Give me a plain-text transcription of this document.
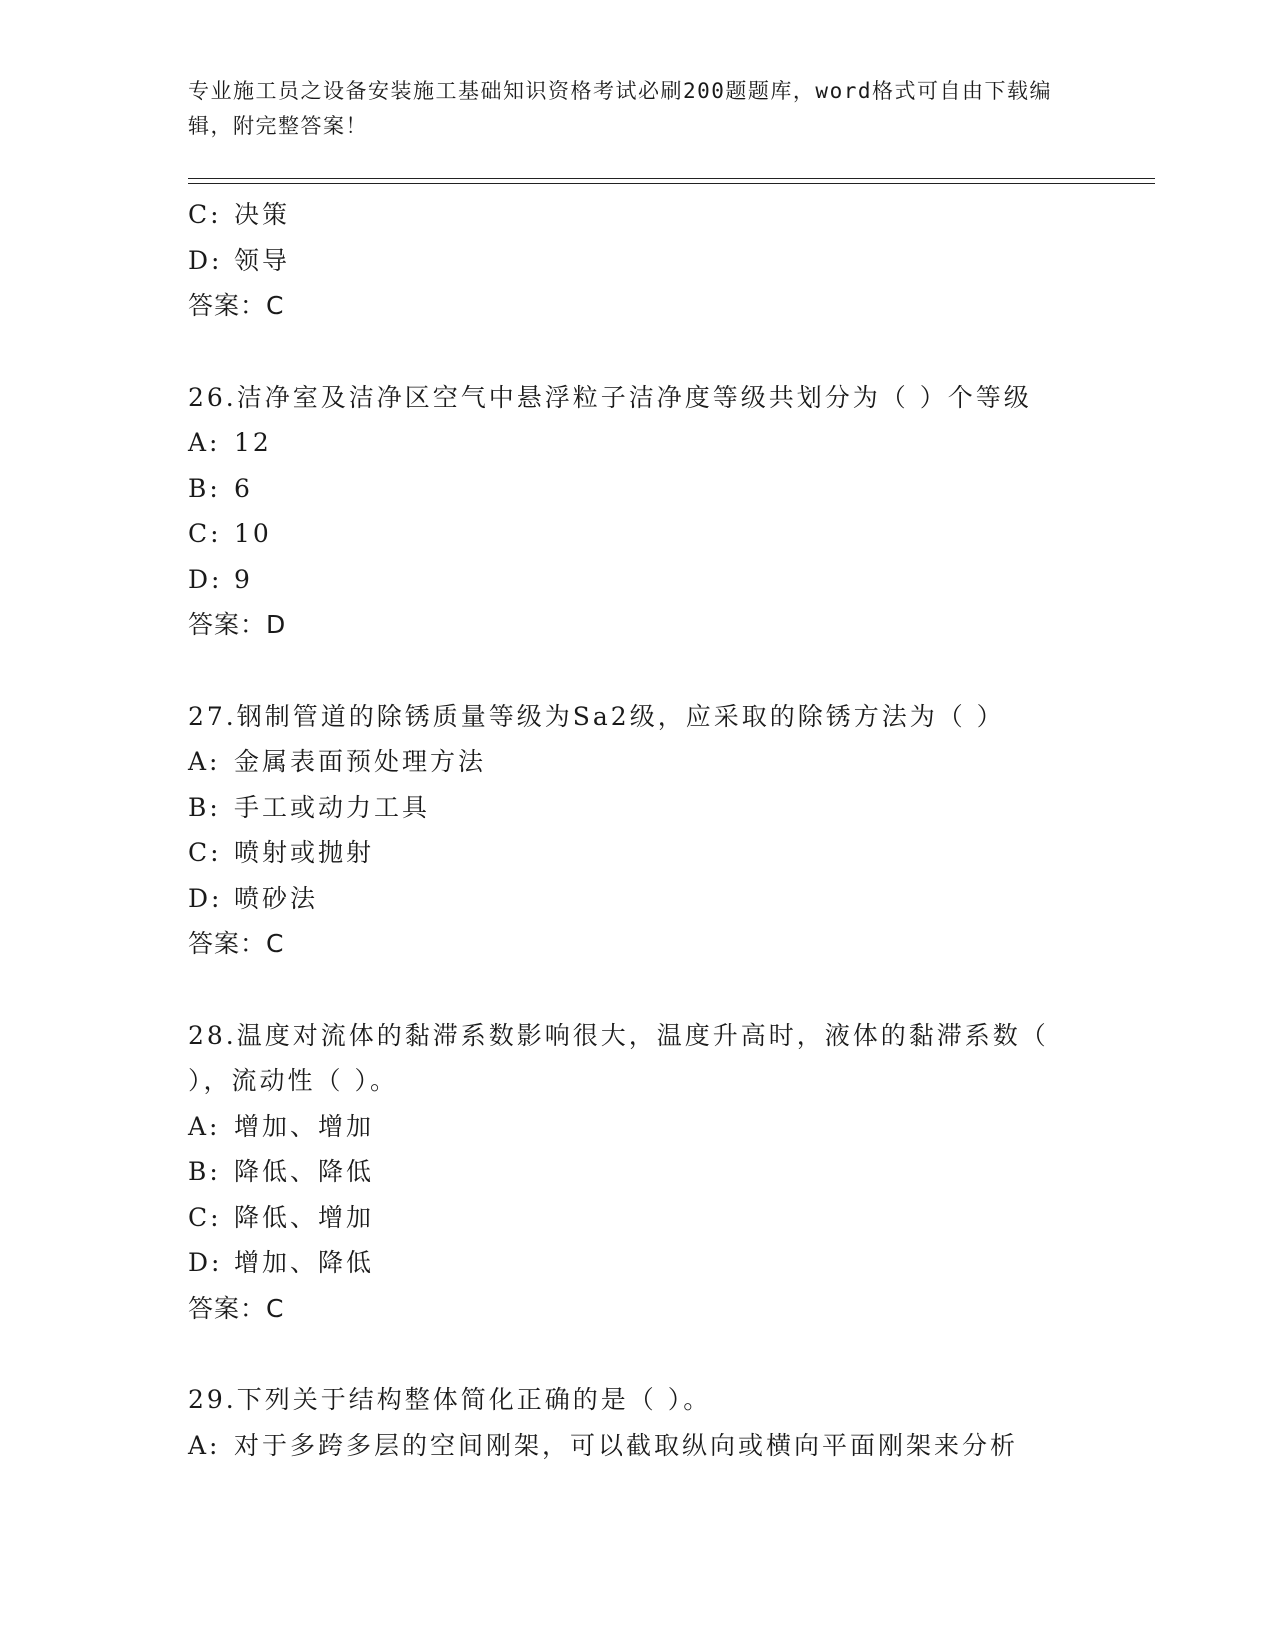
专业施工员之设备安装施工基础知识资格考试必刷200题题库，word格式可自由下载编辑，附完整答案！
C: 决策
D: 领导
答案：C
26.洁净室及洁净区空气中悬浮粒子洁净度等级共划分为（ ）个等级
A: 12
B: 6
C: 10
D: 9
答案：D
27.钢制管道的除锈质量等级为Sa2级，应采取的除锈方法为（ ）
A: 金属表面预处理方法
B: 手工或动力工具
C: 喷射或抛射
D: 喷砂法
答案：C
28.温度对流体的黏滞系数影响很大，温度升高时，液体的黏滞系数（
），流动性（ ）。
A: 增加、增加
B: 降低、降低
C: 降低、增加
D: 增加、降低
答案：C
29.下列关于结构整体简化正确的是（ ）。
A: 对于多跨多层的空间刚架，可以截取纵向或横向平面刚架来分析
